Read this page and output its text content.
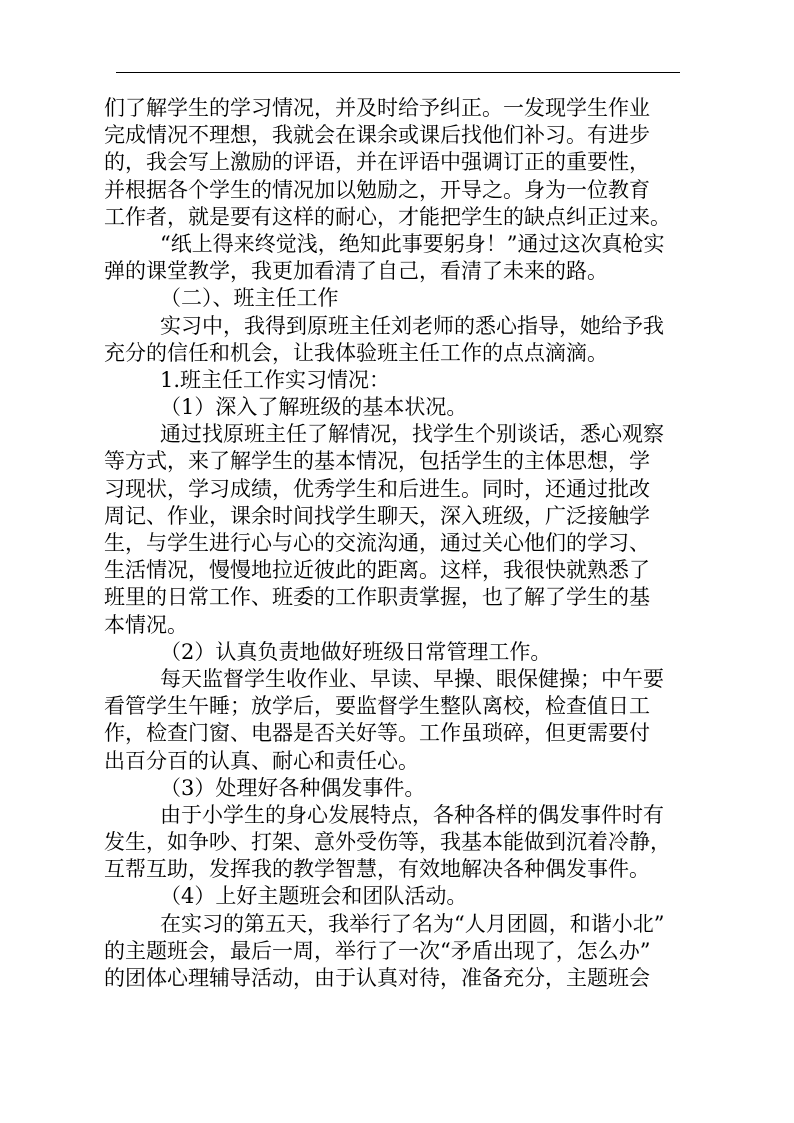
们了解学生的学习情况，并及时给予纠正。一发现学生作业
完成情况不理想，我就会在课余或课后找他们补习。有进步
的，我会写上激励的评语，并在评语中强调订正的重要性，
并根据各个学生的情况加以勉励之，开导之。身为一位教育
工作者，就是要有这样的耐心，才能把学生的缺点纠正过来。
“纸上得来终觉浅，绝知此事要躬身！”通过这次真枪实
弹的课堂教学，我更加看清了自己，看清了未来的路。
（二）、班主任工作
实习中，我得到原班主任刘老师的悉心指导，她给予我
充分的信任和机会，让我体验班主任工作的点点滴滴。
1.班主任工作实习情况：
（1）深入了解班级的基本状况。
通过找原班主任了解情况，找学生个别谈话，悉心观察
等方式，来了解学生的基本情况，包括学生的主体思想，学
习现状，学习成绩，优秀学生和后进生。同时，还通过批改
周记、作业，课余时间找学生聊天，深入班级，广泛接触学
生，与学生进行心与心的交流沟通，通过关心他们的学习、
生活情况，慢慢地拉近彼此的距离。这样，我很快就熟悉了
班里的日常工作、班委的工作职责掌握，也了解了学生的基
本情况。
（2）认真负责地做好班级日常管理工作。
每天监督学生收作业、早读、早操、眼保健操；中午要
看管学生午睡；放学后，要监督学生整队离校，检查值日工
作，检查门窗、电器是否关好等。工作虽琐碎，但更需要付
出百分百的认真、耐心和责任心。
（3）处理好各种偶发事件。
由于小学生的身心发展特点，各种各样的偶发事件时有
发生，如争吵、打架、意外受伤等，我基本能做到沉着冷静，
互帮互助，发挥我的教学智慧，有效地解决各种偶发事件。
（4）上好主题班会和团队活动。
在实习的第五天，我举行了名为“人月团圆，和谐小北”
的主题班会，最后一周，举行了一次“矛盾出现了，怎么办”
的团体心理辅导活动，由于认真对待，准备充分，主题班会
